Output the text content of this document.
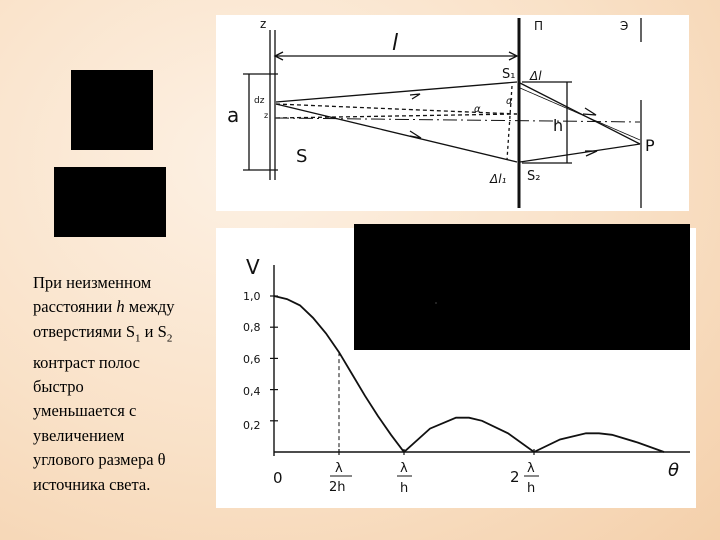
При неизменном
расстоянии h между
отверстиями $S_1$ и $S_2$
контраст полос
быстро
уменьшается с
увеличением
углового размера θ
источника света.
z	П	Э
l
a
dz
z
S
S₁ Δl
α
α
h
P
Δl₁ S₂
V
θ
1,0
0,8
0,6
0,4
0,2
0
λ
2h
λ
h
2 λ
h
